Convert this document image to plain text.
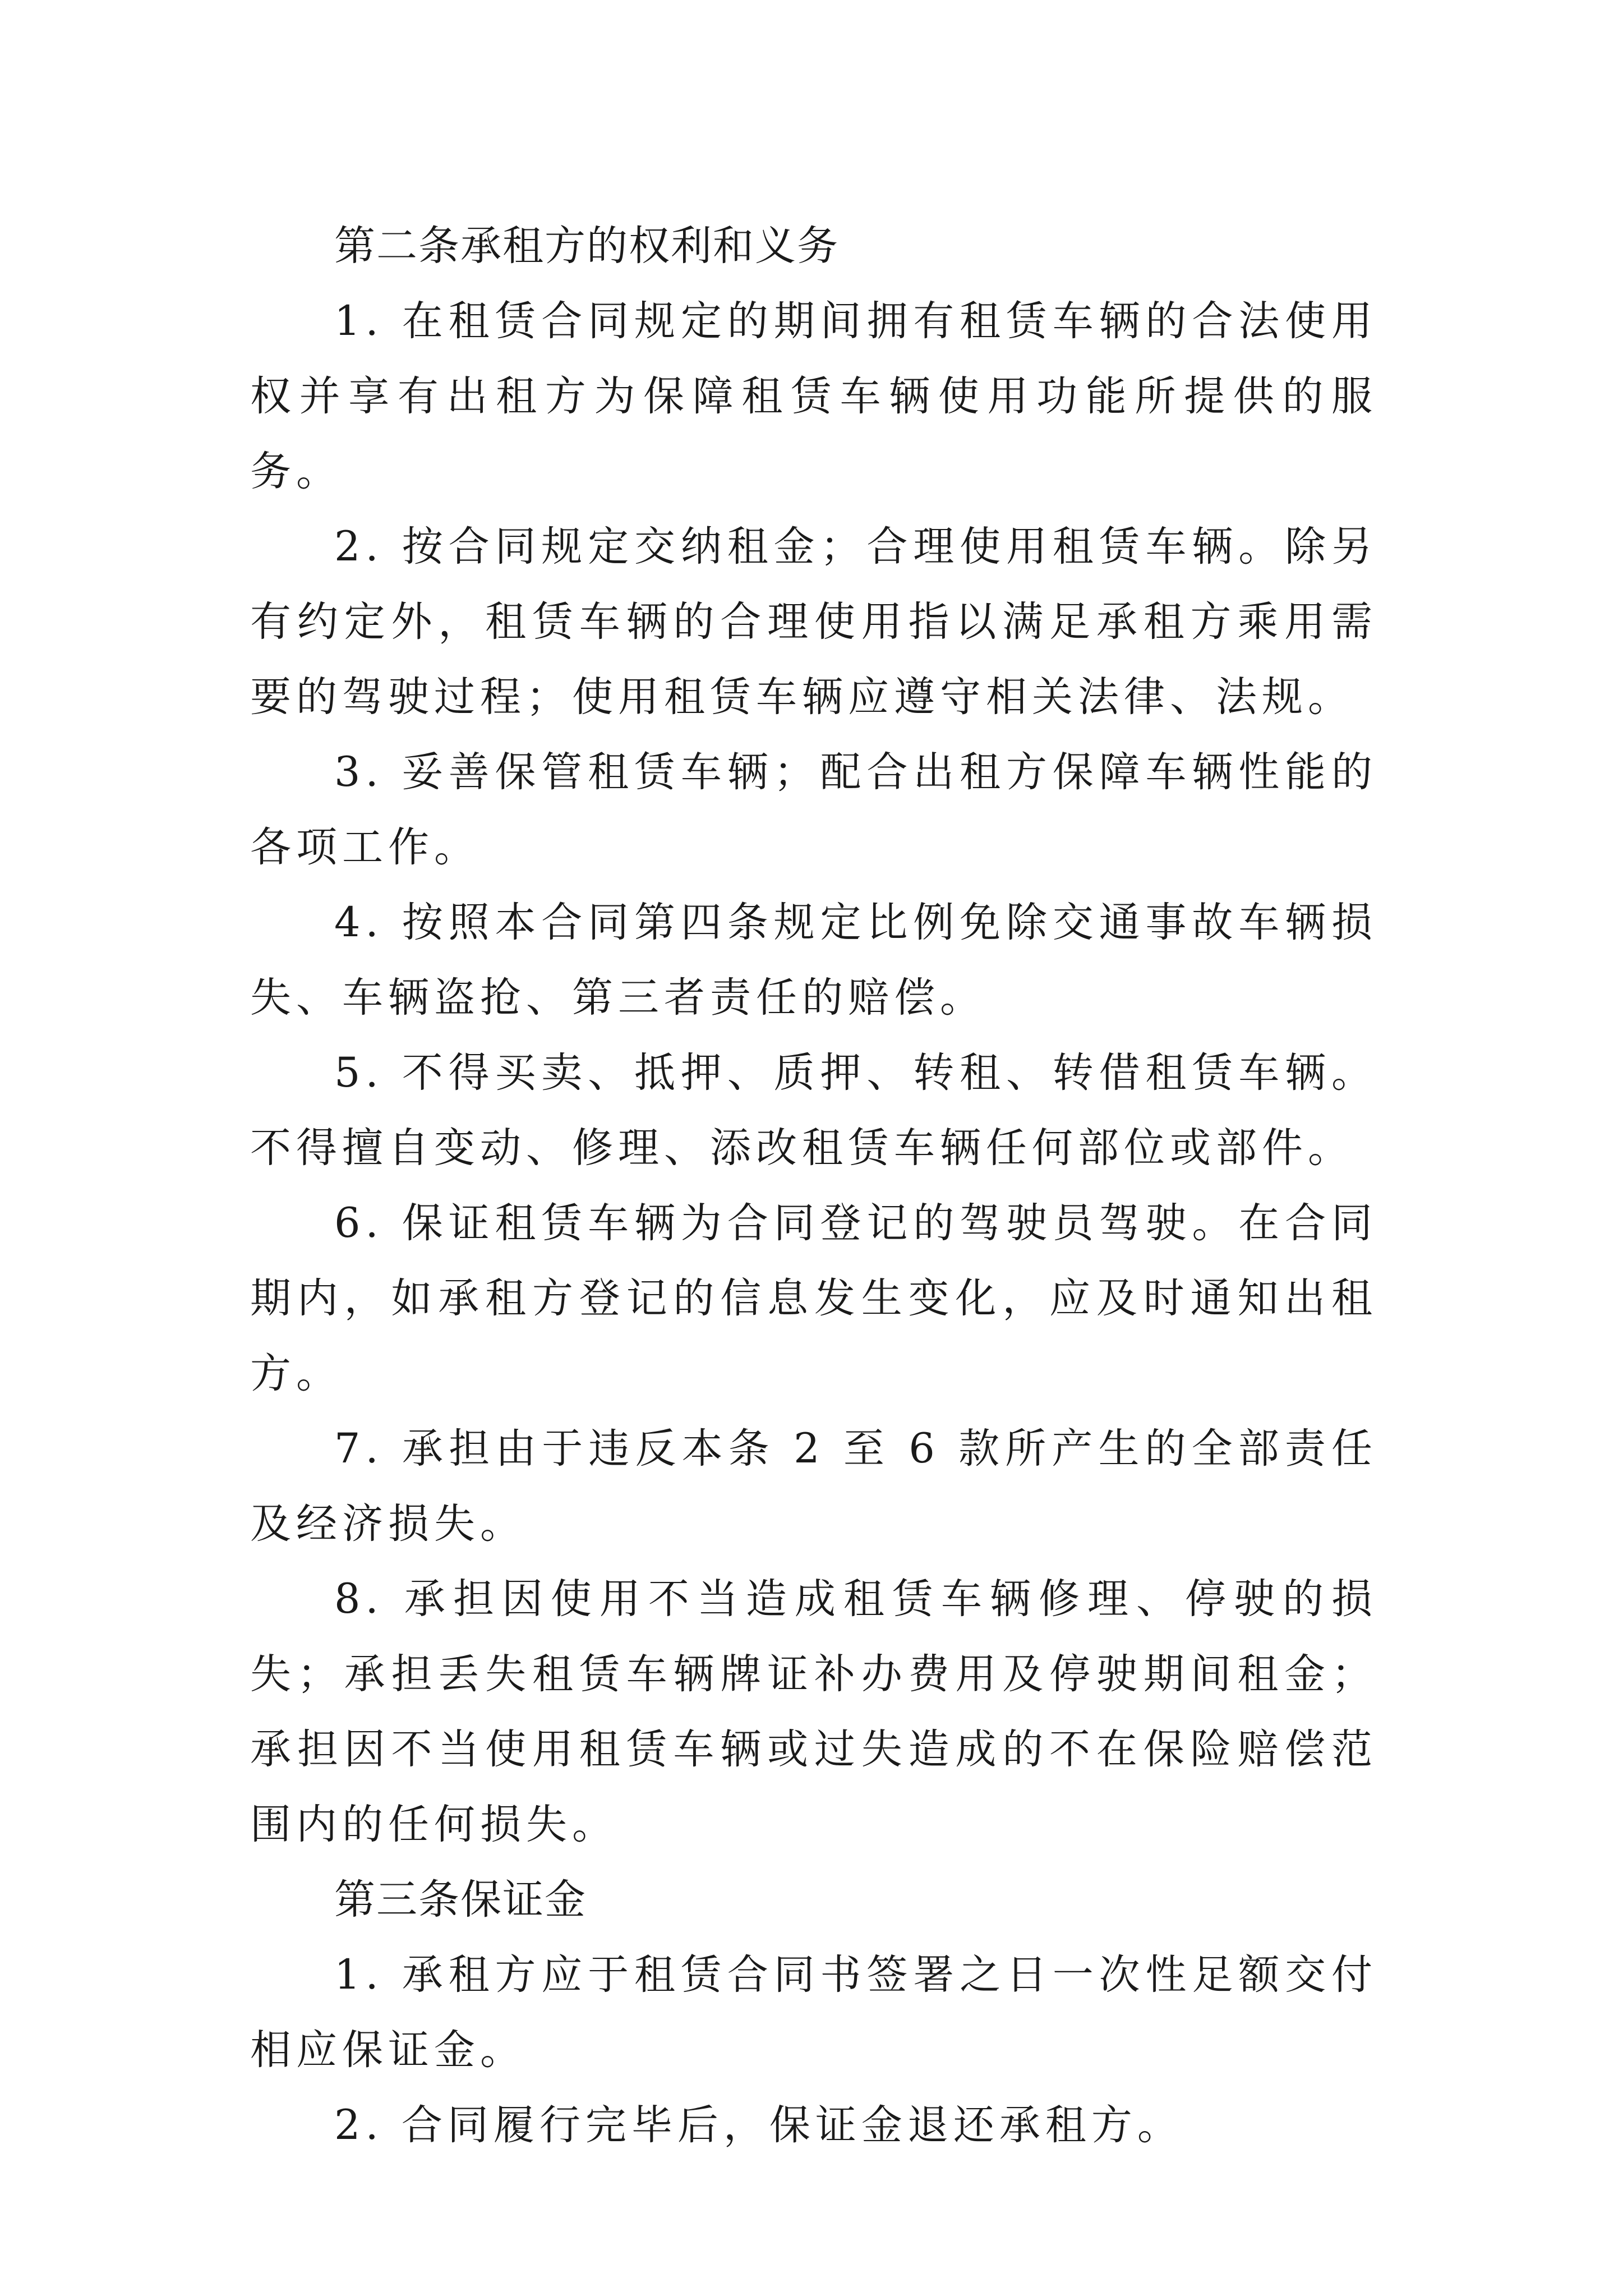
第二条承租方的权利和义务

1. 在租赁合同规定的期间拥有租赁车辆的合法使用权并享有出租方为保障租赁车辆使用功能所提供的服务。

2. 按合同规定交纳租金；合理使用租赁车辆。除另有约定外，租赁车辆的合理使用指以满足承租方乘用需要的驾驶过程；使用租赁车辆应遵守相关法律、法规。

3. 妥善保管租赁车辆；配合出租方保障车辆性能的各项工作。

4. 按照本合同第四条规定比例免除交通事故车辆损失、车辆盗抢、第三者责任的赔偿。

5. 不得买卖、抵押、质押、转租、转借租赁车辆。不得擅自变动、修理、添改租赁车辆任何部位或部件。

6. 保证租赁车辆为合同登记的驾驶员驾驶。在合同期内，如承租方登记的信息发生变化，应及时通知出租方。

7. 承担由于违反本条 2 至 6 款所产生的全部责任及经济损失。

8. 承担因使用不当造成租赁车辆修理、停驶的损失；承担丢失租赁车辆牌证补办费用及停驶期间租金；承担因不当使用租赁车辆或过失造成的不在保险赔偿范围内的任何损失。

第三条保证金

1. 承租方应于租赁合同书签署之日一次性足额交付相应保证金。

2. 合同履行完毕后，保证金退还承租方。
